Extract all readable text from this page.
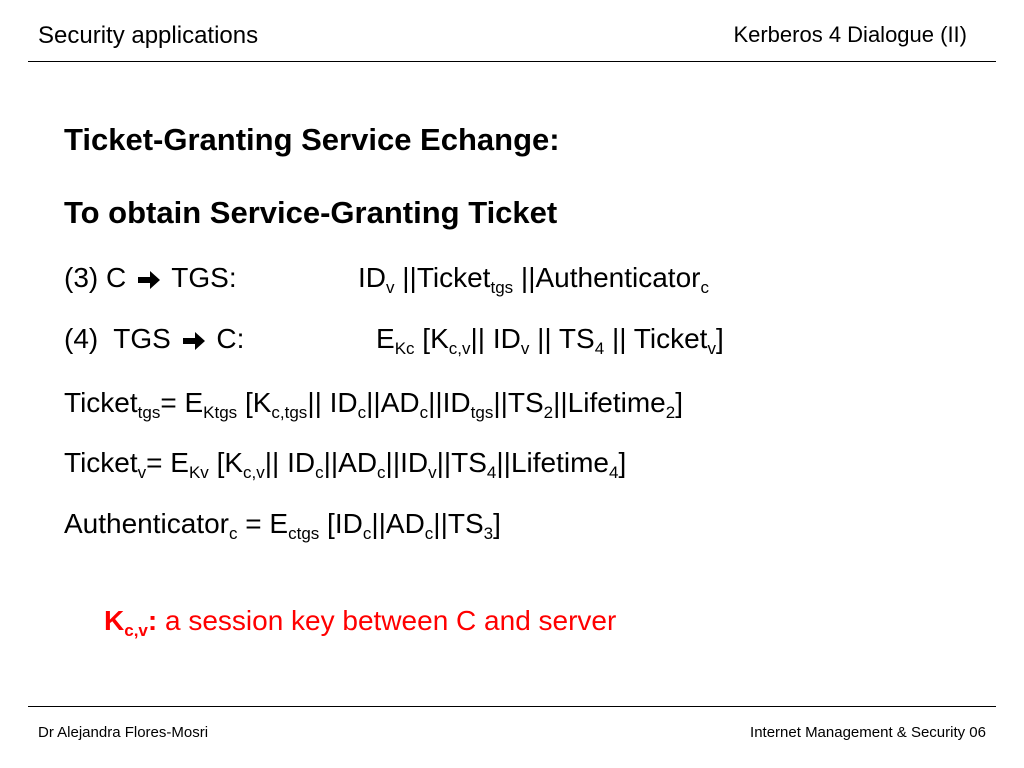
Security applications	Kerberos 4 Dialogue (II)
Ticket-Granting Service Echange:
To obtain Service-Granting Ticket
(3) C TGS:	$ID_v$ ||Ticket$_{tgs}$ ||Authenticator$_c$
(4)  TGS C:	$E_{Kc}$ [$K_{c,v}||$ $ID_v$ || $TS_4$ || Ticket$_v$]
Ticket$_{tgs}$= $E_{Ktgs}$ [$K_{c,tgs}||$ $ID_c||AD_c||ID_{tgs}||TS_2||Lifetime_2$]
Ticket$_v$= $E_{Kv}$ [$K_{c,v}||$ $ID_c||AD_c||ID_v||TS_4||Lifetime_4$]
Authenticator$_c$ = $E_{ctgs}$ $[ID_c||AD_c||TS_3]$
$K_{c,v}$: a session key between C and server
Dr Alejandra Flores-Mosri	Internet Management & Security 06
